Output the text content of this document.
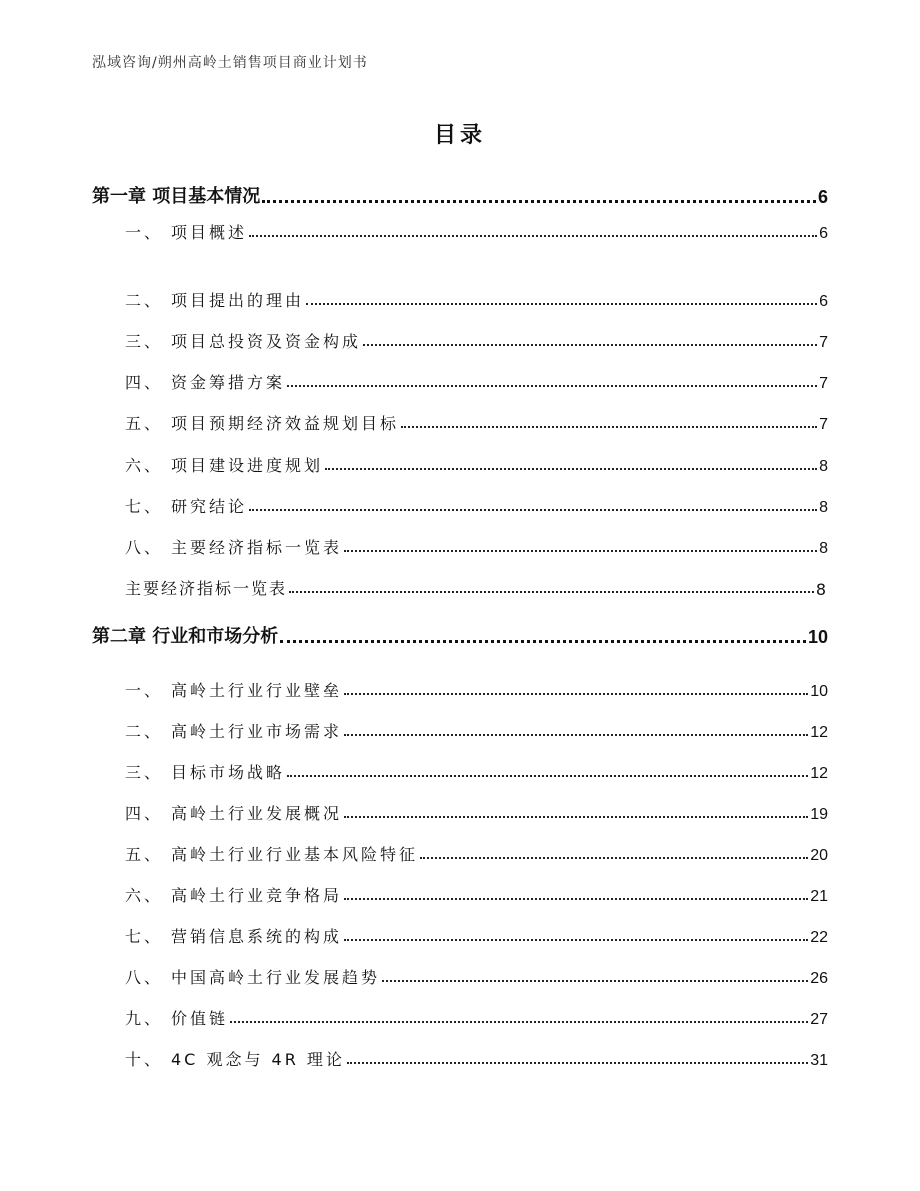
泓域咨询/朔州高岭土销售项目商业计划书
目录
第一章 项目基本情况	6
一、 项目概述	6
二、 项目提出的理由	6
三、 项目总投资及资金构成	7
四、 资金筹措方案	7
五、 项目预期经济效益规划目标	7
六、 项目建设进度规划	8
七、 研究结论	8
八、 主要经济指标一览表	8
主要经济指标一览表	8
第二章 行业和市场分析	10
一、 高岭土行业行业壁垒	10
二、 高岭土行业市场需求	12
三、 目标市场战略	12
四、 高岭土行业发展概况	19
五、 高岭土行业行业基本风险特征	20
六、 高岭土行业竞争格局	21
七、 营销信息系统的构成	22
八、 中国高岭土行业发展趋势	26
九、 价值链	27
十、 4C 观念与 4R 理论	31
